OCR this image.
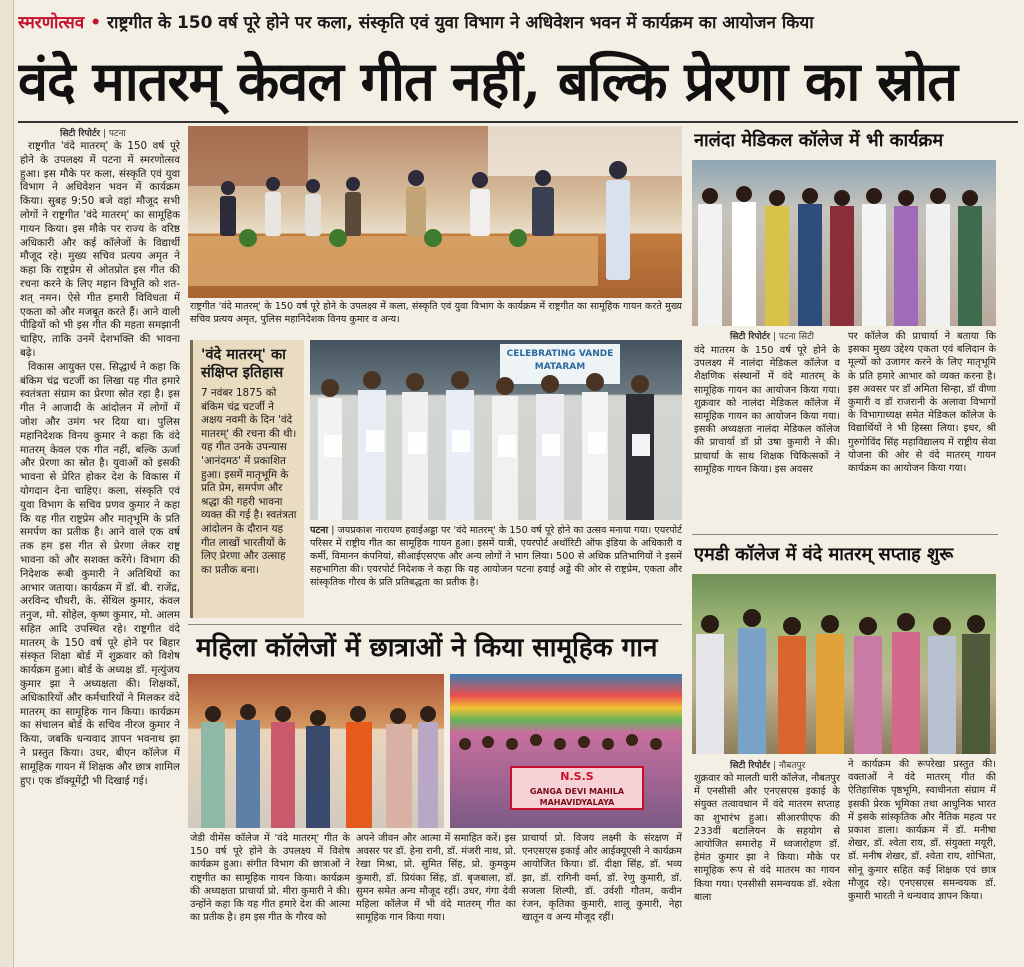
स्मरणोत्सव • राष्ट्रगीत के 150 वर्ष पूरे होने पर कला, संस्कृति एवं युवा विभाग ने अधिवेशन भवन में कार्यक्रम का आयोजन किया
वंदे मातरम् केवल गीत नहीं, बल्कि प्रेरणा का स्रोत
सिटी रिपोर्टर | पटना

राष्ट्रगीत 'वंदे मातरम्' के 150 वर्ष पूरे होने के उपलक्ष्य में पटना में स्मरणोत्सव हुआ। इस मौके पर कला, संस्कृति एवं युवा विभाग ने अधिवेशन भवन में कार्यक्रम किया। सुबह 9:50 बजे वहां मौजूद सभी लोगों ने राष्ट्रगीत 'वंदे मातरम्' का सामूहिक गायन किया। इस मौके पर राज्य के वरिष्ठ अधिकारी और कई कॉलेजों के विद्यार्थी मौजूद रहे। मुख्य सचिव प्रत्यय अमृत ने कहा कि राष्ट्रप्रेम से ओतप्रोत इस गीत की रचना करने के लिए महान विभूति को शत-शत् नमन। ऐसे गीत हमारी विविधता में एकता को और मजबूत करते हैं। आने वाली पीढ़ियों को भी इस गीत की महता समझानी चाहिए, ताकि उनमें देशभक्ति की भावना बढ़े।

विकास आयुक्त एस. सिद्धार्थ ने कहा कि बंकिम चंद्र चटर्जी का लिखा यह गीत हमारे स्वतंत्रता संग्राम का प्रेरणा स्रोत रहा है। इस गीत ने आजादी के आंदोलन में लोगों में जोश और उमंग भर दिया था। पुलिस महानिदेशक विनय कुमार ने कहा कि वंदे मातरम् केवल एक गीत नहीं, बल्कि ऊर्जा और प्रेरणा का स्रोत है। युवाओं को इसकी भावना से प्रेरित होकर देश के विकास में योगदान देना चाहिए। कला, संस्कृति एवं युवा विभाग के सचिव प्रणव कुमार ने कहा कि यह गीत राष्ट्रप्रेम और मातृभूमि के प्रति समर्पण का प्रतीक है। आने वाले एक वर्ष तक हम इस गीत से प्रेरणा लेकर राष्ट्र भावना को और सशक्त करेंगे। विभाग की निदेशक रूबी कुमारी ने अतिथियों का आभार जताया। कार्यक्रम में डॉ. बी. राजेंद्र, अरविन्द चौधरी, के. सेंथिल कुमार, कंवल तनुज, मो. सोहेल, कृष्ण कुमार, मो. आलम सहित आदि उपस्थित रहे। राष्ट्रगीत वंदे मातरम् के 150 वर्ष पूरे होने पर बिहार संस्कृत शिक्षा बोर्ड में शुक्रवार को विशेष कार्यक्रम हुआ। बोर्ड के अध्यक्ष डॉ. मृत्युंजय कुमार झा ने अध्यक्षता की। शिक्षकों, अधिकारियों और कर्मचारियों ने मिलकर वंदे मातरम् का सामूहिक गान किया। कार्यक्रम का संचालन बोर्ड के सचिव नीरज कुमार ने किया, जबकि धन्यवाद ज्ञापन भवनाथ झा ने प्रस्तुत किया। उधर, बीएन कॉलेज में सामूहिक गायन में शिक्षक और छात्र शामिल हुए। एक डॉक्यूमेंट्री भी दिखाई गई।

राष्ट्रगीत 'वंदे मातरम्' के 150 वर्ष पूरे होने के उपलक्ष्य में कला, संस्कृति एवं युवा विभाग के कार्यक्रम में राष्ट्रगीत का सामूहिक गायन करते मुख्य सचिव प्रत्यय अमृत, पुलिस महानिदेशक विनय कुमार व अन्य।
'वंदे मातरम्' का संक्षिप्त इतिहास
7 नवंबर 1875 को बंकिम चंद्र चटर्जी ने अक्षय नवमी के दिन 'वंदे मातरम्' की रचना की थी। यह गीत उनके उपन्यास 'आनंदमठ' में प्रकाशित हुआ। इसमें मातृभूमि के प्रति प्रेम, समर्पण और श्रद्धा की गहरी भावना व्यक्त की गई है। स्वतंत्रता आंदोलन के दौरान यह गीत लाखों भारतीयों के लिए प्रेरणा और उत्साह का प्रतीक बना।
CELEBRATING VANDE MATARAM
पटना | जयप्रकाश नारायण हवाईअड्डा पर 'वंदे मातरम्' के 150 वर्ष पूरे होने का उत्सव मनाया गया। एयरपोर्ट परिसर में राष्ट्रीय गीत का सामूहिक गायन हुआ। इसमें यात्री, एयरपोर्ट अथॉरिटी ऑफ इंडिया के अधिकारी व कर्मी, विमानन कंपनियां, सीआईएसएफ और अन्य लोगों ने भाग लिया। 500 से अधिक प्रतिभागियों ने इसमें सहभागिता की। एयरपोर्ट निदेशक ने कहा कि यह आयोजन पटना हवाई अड्डे की ओर से राष्ट्रप्रेम, एकता और सांस्कृतिक गौरव के प्रति प्रतिबद्धता का प्रतीक है।
महिला कॉलेजों में छात्राओं ने किया सामूहिक गान
N.S.S
GANGA DEVI MAHILA MAHAVIDYALAYA
जेडी वीमेंस कॉलेज में 'वंदे मातरम्' गीत के 150 वर्ष पूरे होने के उपलक्ष्य में विशेष कार्यक्रम हुआ। संगीत विभाग की छात्राओं ने राष्ट्रगीत का सामूहिक गायन किया। कार्यक्रम की अध्यक्षता प्राचार्या प्रो. मीरा कुमारी ने की। उन्होंने कहा कि यह गीत हमारे देश की आत्मा का प्रतीक है। हम इस गीत के गौरव को
अपने जीवन और आत्मा में समाहित करें। इस अवसर पर डॉ. हेना रानी, डॉ. मंजरी नाथ, प्रो. रेखा मिश्रा, प्रो. सुमित सिंह, प्रो. कुमकुम कुमारी, डॉ. प्रियंका सिंह, डॉ. बृजबाला, डॉ. सुमन समेत अन्य मौजूद रहीं। उधर, गंगा देवी महिला कॉलेज में भी वंदे मातरम् गीत का सामूहिक गान किया गया।
प्राचार्या प्रो. विजय लक्ष्मी के संरक्षण में एनएसएस इकाई और आईक्यूएसी ने कार्यक्रम आयोजित किया। डॉ. दीक्षा सिंह, डॉ. भव्य झा, डॉ. रागिनी वर्मा, डॉ. रेणु कुमारी, डॉ. सजला शिल्पी, डॉ. उर्वशी गौतम, कवीन रंजन, कृतिका कुमारी, शालू कुमारी, नेहा खातून व अन्य मौजूद रहीं।
नालंदा मेडिकल कॉलेज में भी कार्यक्रम
सिटी रिपोर्टर | पटना सिटी
वंदे मातरम के 150 वर्ष पूरे होने के उपलक्ष्य में नालंदा मेडिकल कॉलेज व शैक्षणिक संस्थानों में वंदे मातरम् के सामूहिक गायन का आयोजन किया गया। शुक्रवार को नालंदा मेडिकल कॉलेज में सामूहिक गायन का आयोजन किया गया। इसकी अध्यक्षता नालंदा मेडिकल कॉलेज की प्राचार्या डॉ प्रो उषा कुमारी ने की। प्राचार्या के साथ शिक्षक चिकित्सकों ने सामूहिक गायन किया। इस अवसर
पर कॉलेज की प्राचार्या ने बताया कि इसका मुख्य उद्देश्य एकता एवं बलिदान के मूल्यों को उजागर करने के लिए मातृभूमि के प्रति हमारे आभार को व्यक्त करना है। इस अवसर पर डॉ अमिता सिन्हा, डॉ वीणा कुमारी व डॉ राजरानी के अलावा विभागों के विभागाध्यक्ष समेत मेडिकल कॉलेज के विद्यार्थियों ने भी हिस्सा लिया। इधर, श्री गुरुगोविंद सिंह महाविद्यालय में राष्ट्रीय सेवा योजना की ओर से वंदे मातरम् गायन कार्यक्रम का आयोजन किया गया।
एमडी कॉलेज में वंदे मातरम् सप्ताह शुरू
सिटी रिपोर्टर | नौबतपुर
शुक्रवार को मालती धारी कॉलेज, नौबतपुर में एनसीसी और एनएसएस इकाई के संयुक्त तत्वावधान में वंदे मातरम सप्ताह का शुभारंभ हुआ। सीआरपीएफ की 233वीं बटालियन के सहयोग से आयोजित समारोह में ध्वजारोहण डॉ. हेमंत कुमार झा ने किया। मौके पर सामूहिक रूप से वंदे मातरम का गायन किया गया। एनसीसी समन्वयक डॉ. श्वेता बाला
ने कार्यक्रम की रूपरेखा प्रस्तुत की। वक्ताओं ने वंदे मातरम् गीत की ऐतिहासिक पृष्ठभूमि, स्वाधीनता संग्राम में इसकी प्रेरक भूमिका तथा आधुनिक भारत में इसके सांस्कृतिक और नैतिक महत्व पर प्रकाश डाला। कार्यक्रम में डॉ. मनीषा शेखर, डॉ. श्वेता राय, डॉ. संयुक्ता मयूरी, डॉ. मनीष शेखर, डॉ. श्वेता राय, शोभिता, सोनू कुमार सहित कई शिक्षक एवं छात्र मौजूद रहे। एनएसएस समन्वयक डॉ. कुमारी भारती ने धन्यवाद ज्ञापन किया।
